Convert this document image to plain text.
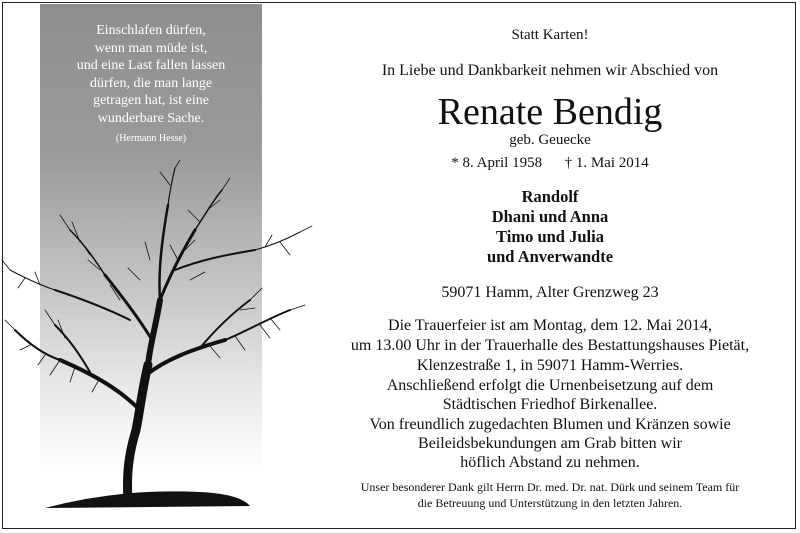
Einschlafen dürfen,
wenn man müde ist,
und eine Last fallen lassen
dürfen, die man lange
getragen hat, ist eine
wunderbare Sache.
(Hermann Hesse)
Statt Karten!
In Liebe und Dankbarkeit nehmen wir Abschied von
Renate Bendig
geb. Geuecke
* 8. April 1958 † 1. Mai 2014
Randolf
Dhani und Anna
Timo und Julia
und Anverwandte
59071 Hamm, Alter Grenzweg 23
Die Trauerfeier ist am Montag, dem 12. Mai 2014,
um 13.00 Uhr in der Trauerhalle des Bestattungshauses Pietät,
Klenzestraße 1, in 59071 Hamm-Werries.
Anschließend erfolgt die Urnenbeisetzung auf dem
Städtischen Friedhof Birkenallee.
Von freundlich zugedachten Blumen und Kränzen sowie
Beileidsbekundungen am Grab bitten wir
höflich Abstand zu nehmen.
Unser besonderer Dank gilt Herrn Dr. med. Dr. nat. Dürk und seinem Team für
die Betreuung und Unterstützung in den letzten Jahren.
